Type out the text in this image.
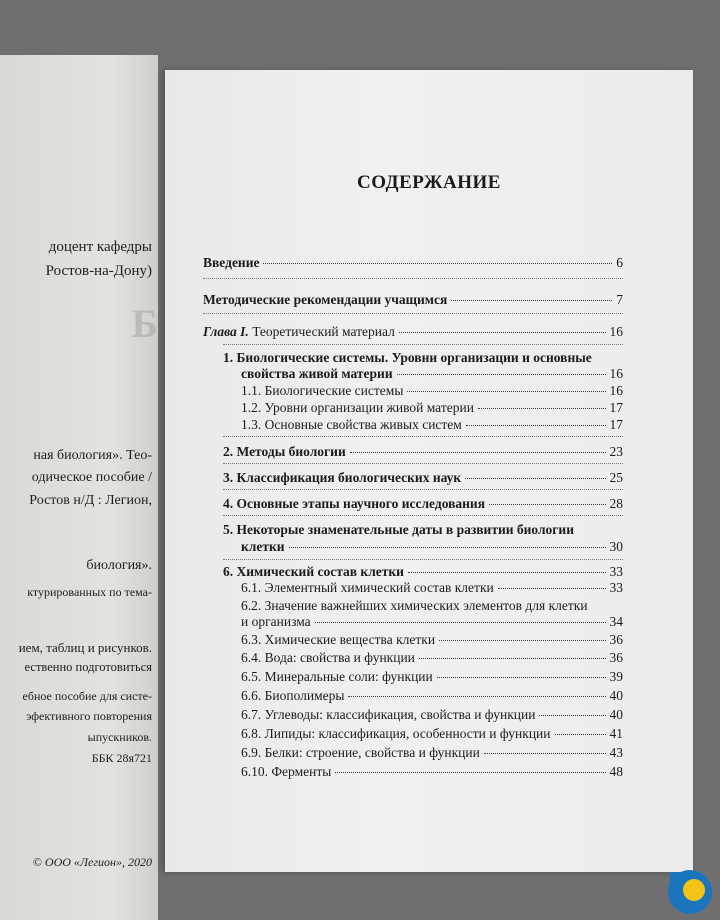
Б
доцент кафедры
Ростов-на-Дону)
ная биология». Тео-
одическое пособие /
Ростов н/Д : Легион,
биология».
ктурированных по тема-
ием, таблиц и рисунков.
ественно подготовиться
ебное пособие для систе-
эфективного повторения
ыпускников.
ББК 28я721
© ООО «Легион», 2020
СОДЕРЖАНИЕ
Введение	6
Методические рекомендации учащимся	7
Глава I. Теоретический материал	16
1. Биологические системы. Уровни организации и основные
свойства живой материи	16
1.1. Биологические системы	16
1.2. Уровни организации живой материи	17
1.3. Основные свойства живых систем	17
2. Методы биологии	23
3. Классификация биологических наук	25
4. Основные этапы научного исследования	28
5. Некоторые знаменательные даты в развитии биологии
клетки	30
6. Химический состав клетки	33
6.1. Элементный химический состав клетки	33
6.2. Значение важнейших химических элементов для клетки
и организма	34
6.3. Химические вещества клетки	36
6.4. Вода: свойства и функции	36
6.5. Минеральные соли: функции	39
6.6. Биополимеры	40
6.7. Углеводы: классификация, свойства и функции	40
6.8. Липиды: классификация, особенности и функции	41
6.9. Белки: строение, свойства и функции	43
6.10. Ферменты	48
